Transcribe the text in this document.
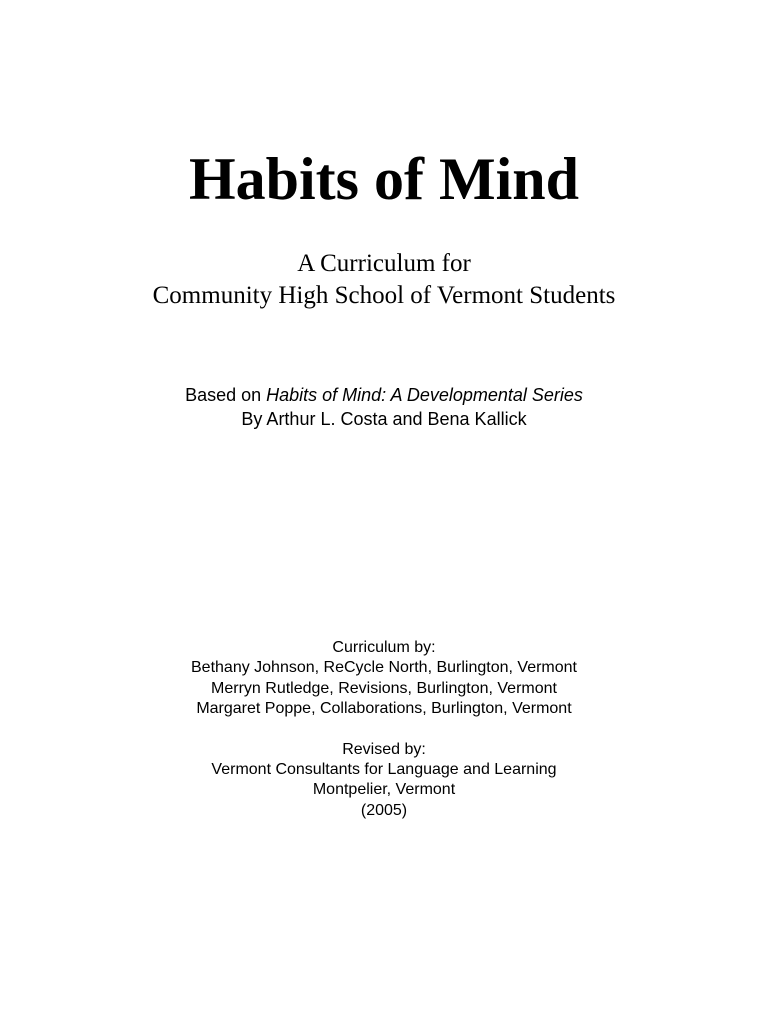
Habits of Mind
A Curriculum for
Community High School of Vermont Students
Based on Habits of Mind: A Developmental Series
By Arthur L. Costa and Bena Kallick
Curriculum by:
Bethany Johnson, ReCycle North, Burlington, Vermont
Merryn Rutledge, Revisions, Burlington, Vermont
Margaret Poppe, Collaborations, Burlington, Vermont
Revised by:
Vermont Consultants for Language and Learning
Montpelier, Vermont
(2005)
